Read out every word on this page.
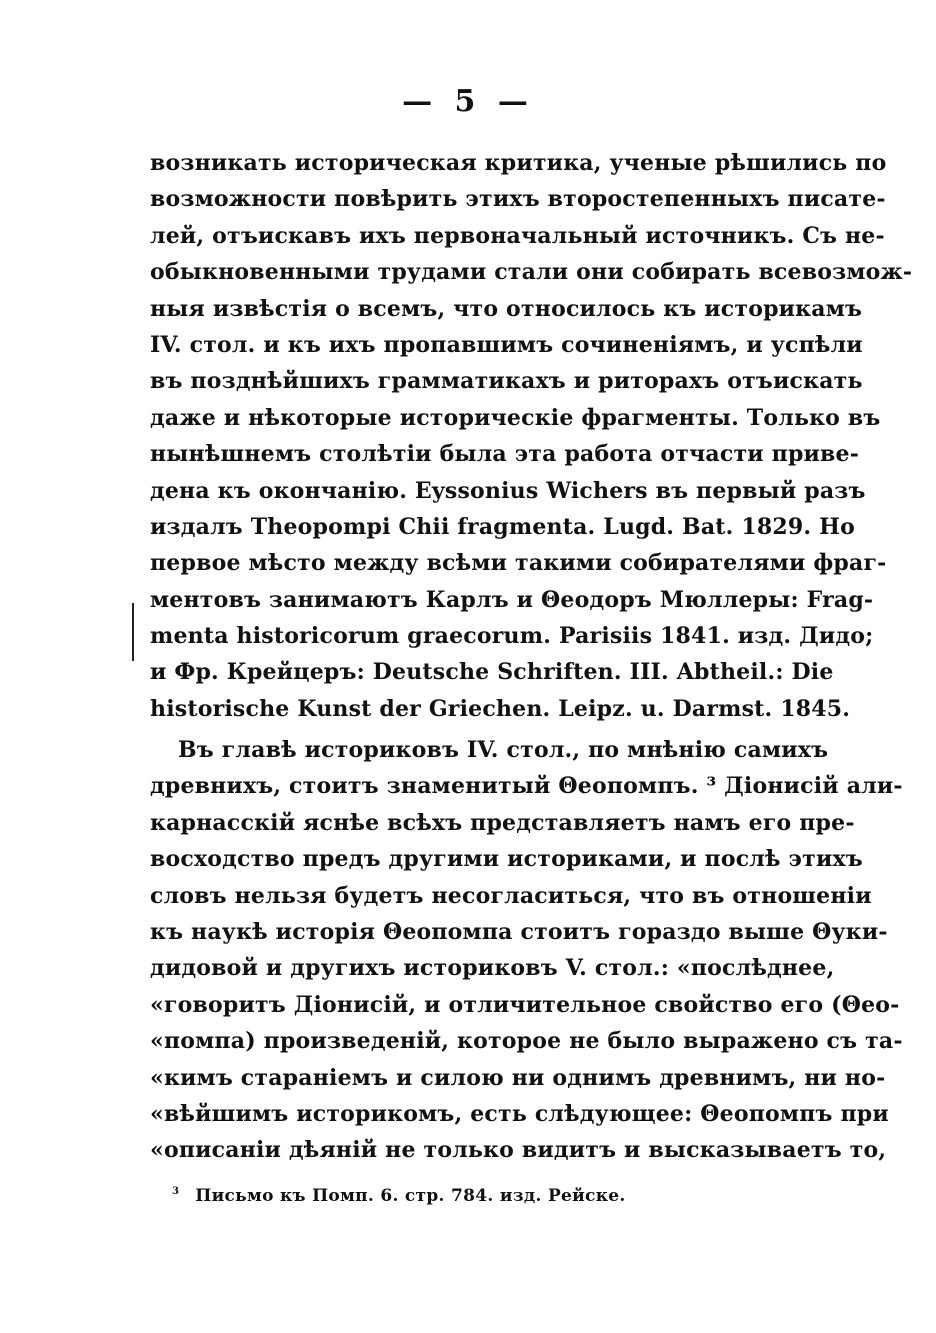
— 5 —
возникать историческая критика, ученые рѣшились по
возможности повѣрить этихъ второстепенныхъ писате-
лей, отъискавъ ихъ первоначальный источникъ. Съ не-
обыкновенными трудами стали они собирать всевозмож-
ныя извѣстія о всемъ, что относилось къ историкамъ
IV. стол. и къ ихъ пропавшимъ сочиненіямъ, и успѣли
въ позднѣйшихъ грамматикахъ и риторахъ отъискать
даже и нѣкоторые историческіе фрагменты. Только въ
нынѣшнемъ столѣтіи была эта работа отчасти приве-
дена къ окончанію. Eyssonius Wichers въ первый разъ
издалъ Theopompi Chii fragmenta. Lugd. Bat. 1829. Но
первое мѣсто между всѣми такими собирателями фраг-
ментовъ занимаютъ Карлъ и Θеодоръ Мюллеры: Frag-
menta historicorum graecorum. Parisiis 1841. изд. Дидо;
и Фр. Крейцеръ: Deutsche Schriften. III. Abtheil.: Die
historische Kunst der Griechen. Leipz. u. Darmst. 1845.
Въ главѣ историковъ IV. стол., по мнѣнію самихъ
древнихъ, стоитъ знаменитый Θеопомпъ. ³ Діонисій али-
карнасскій яснѣе всѣхъ представляетъ намъ его пре-
восходство предъ другими историками, и послѣ этихъ
словъ нельзя будетъ несогласиться, что въ отношеніи
къ наукѣ исторія Θеопомпа стоитъ гораздо выше Θуки-
дидовой и другихъ историковъ V. стол.: «послѣднее,
«говоритъ Діонисій, и отличительное свойство его (Θео-
«помпа) произведеній, которое не было выражено съ та-
«кимъ стараніемъ и силою ни однимъ древнимъ, ни но-
«вѣйшимъ историкомъ, есть слѣдующее: Θеопомпъ при
«описаніи дѣяній не только видитъ и высказываетъ то,
$^3$ Письмо къ Помп. 6. стр. 784. изд. Рейске.
